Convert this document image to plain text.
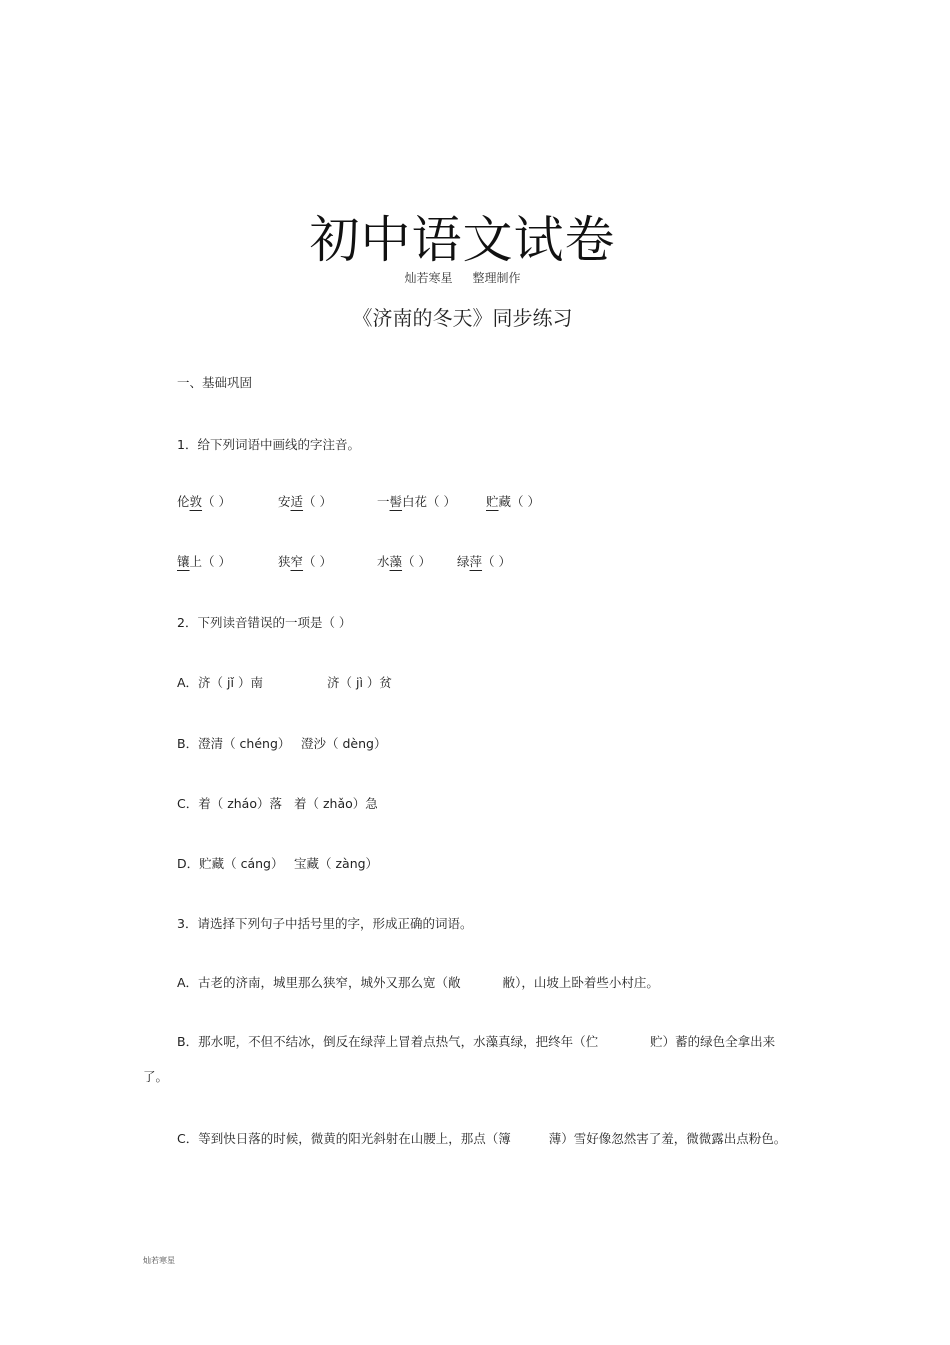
初中语文试卷
灿若寒星 整理制作
《济南的冬天》同步练习
一、基础巩固
1．给下列词语中画线的字注音。
伦敦（ ）	安适（ ）	一髻白花（ ） 贮藏（ ）
镶上（ ）	狭窄（ ）	水藻（ ） 绿萍（ ）
2．下列读音错误的一项是（ ）
A．济（ jǐ ）南	济（ jì ）贫
B．澄清（ chéng） 澄沙（ dèng）
C．着（ zháo）落 着（ zhǎo）急
D．贮藏（ cáng） 宝藏（ zàng）
3．请选择下列句子中括号里的字，形成正确的词语。
A．古老的济南，城里那么狭窄，城外又那么宽（敞	敝），山坡上卧着些小村庄。
B．那水呢，不但不结冰，倒反在绿萍上冒着点热气，水藻真绿，把终年（伫	贮）蓄的绿色全拿出来了。
C．等到快日落的时候，微黄的阳光斜射在山腰上，那点（簿	薄）雪好像忽然害了羞，微微露出点粉色。
灿若寒星
